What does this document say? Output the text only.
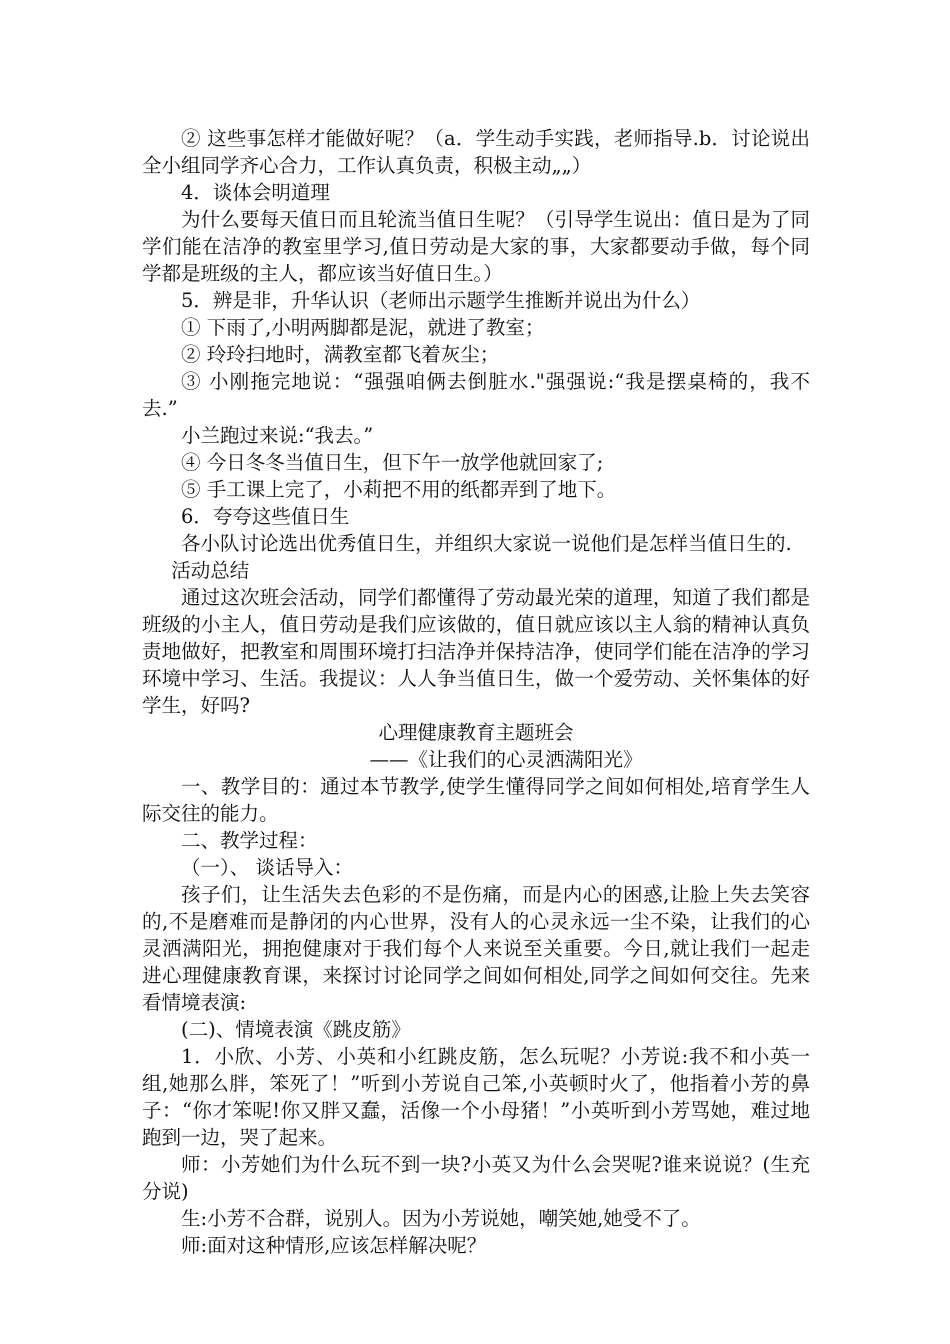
② 这些事怎样才能做好呢？（a．学生动手实践，老师指导.b．讨论说出全小组同学齐心合力，工作认真负责，积极主动„„）

4．谈体会明道理

为什么要每天值日而且轮流当值日生呢？（引导学生说出：值日是为了同学们能在洁净的教室里学习,值日劳动是大家的事，大家都要动手做，每个同学都是班级的主人，都应该当好值日生。）

5．辨是非，升华认识（老师出示题学生推断并说出为什么）

① 下雨了,小明两脚都是泥，就进了教室；

② 玲玲扫地时，满教室都飞着灰尘；

③ 小刚拖完地说：“强强咱俩去倒脏水."强强说:“我是摆桌椅的，我不去.”

小兰跑过来说:“我去。”

④ 今日冬冬当值日生，但下午一放学他就回家了;

⑤ 手工课上完了，小莉把不用的纸都弄到了地下。

6．夸夸这些值日生

各小队讨论选出优秀值日生，并组织大家说一说他们是怎样当值日生的.

活动总结

通过这次班会活动，同学们都懂得了劳动最光荣的道理，知道了我们都是班级的小主人，值日劳动是我们应该做的，值日就应该以主人翁的精神认真负责地做好，把教室和周围环境打扫洁净并保持洁净，使同学们能在洁净的学习环境中学习、生活。我提议：人人争当值日生，做一个爱劳动、关怀集体的好学生，好吗?

心理健康教育主题班会

——《让我们的心灵洒满阳光》

一、教学目的：通过本节教学,使学生懂得同学之间如何相处,培育学生人际交往的能力。

二、教学过程：

（一）、 谈话导入：

孩子们，让生活失去色彩的不是伤痛，而是内心的困惑,让脸上失去笑容的,不是磨难而是静闭的内心世界，没有人的心灵永远一尘不染，让我们的心灵洒满阳光，拥抱健康对于我们每个人来说至关重要。今日,就让我们一起走进心理健康教育课，来探讨讨论同学之间如何相处,同学之间如何交往。先来看情境表演:

(二)、情境表演《跳皮筋》

1．小欣、小芳、小英和小红跳皮筋，怎么玩呢？小芳说:我不和小英一组,她那么胖，笨死了！”听到小芳说自己笨,小英顿时火了，他指着小芳的鼻子：“你才笨呢!你又胖又蠢，活像一个小母猪！”小英听到小芳骂她，难过地跑到一边，哭了起来。

师：小芳她们为什么玩不到一块?小英又为什么会哭呢?谁来说说？(生充分说)

生:小芳不合群，说别人。因为小芳说她，嘲笑她,她受不了。

师:面对这种情形,应该怎样解决呢？
